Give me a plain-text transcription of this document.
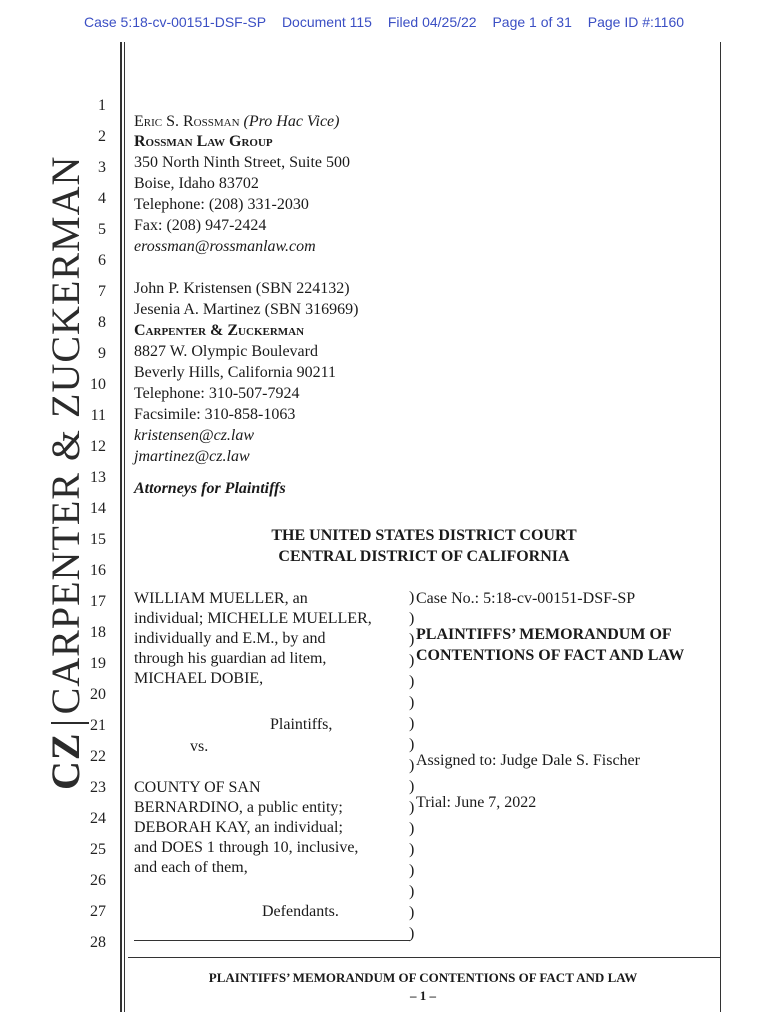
Case 5:18-cv-00151-DSF-SP Document 115 Filed 04/25/22 Page 1 of 31 Page ID #:1160
CZCARPENTER & ZUCKERMAN
1
2
3
4
5
6
7
8
9
10
11
12
13
14
15
16
17
18
19
20
21
22
23
24
25
26
27
28
Eric S. Rossman (Pro Hac Vice)
Rossman Law Group
350 North Ninth Street, Suite 500
Boise, Idaho 83702
Telephone: (208) 331-2030
Fax: (208) 947-2424
erossman@rossmanlaw.com
John P. Kristensen (SBN 224132)
Jesenia A. Martinez (SBN 316969)
Carpenter & Zuckerman
8827 W. Olympic Boulevard
Beverly Hills, California 90211
Telephone: 310-507-7924
Facsimile: 310-858-1063
kristensen@cz.law
jmartinez@cz.law
Attorneys for Plaintiffs
THE UNITED STATES DISTRICT COURT
CENTRAL DISTRICT OF CALIFORNIA
WILLIAM MUELLER, an
individual; MICHELLE MUELLER,
individually and E.M., by and
through his guardian ad litem,
MICHAEL DOBIE,
Plaintiffs,
vs.
COUNTY OF SAN
BERNARDINO, a public entity;
DEBORAH KAY, an individual;
and DOES 1 through 10, inclusive,
and each of them,
Defendants.
)
)
)
)
)
)
)
)
)
)
)
)
)
)
)
)
)
Case No.: 5:18-cv-00151-DSF-SP
PLAINTIFFS’ MEMORANDUM OF
CONTENTIONS OF FACT AND LAW
Assigned to: Judge Dale S. Fischer
Trial: June 7, 2022
PLAINTIFFS’ MEMORANDUM OF CONTENTIONS OF FACT AND LAW
– 1 –
